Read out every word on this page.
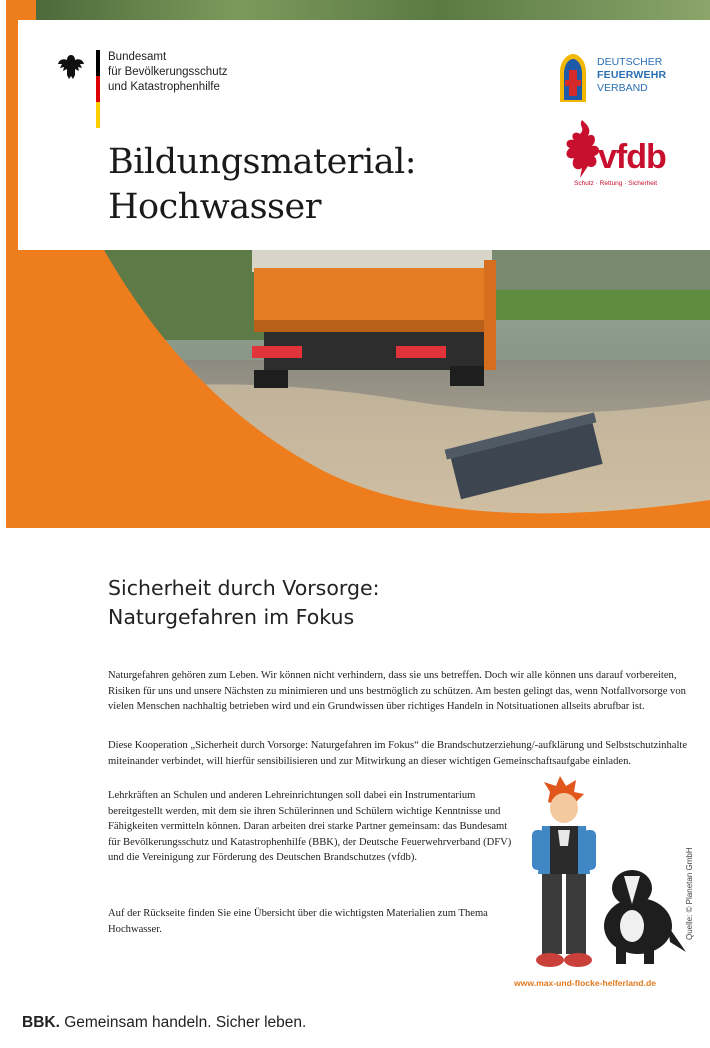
Bundesamt
für Bevölkerungsschutz
und Katastrophenhilfe
Bildungsmaterial:
Hochwasser
DEUTSCHER
FEUERWEHR
VERBAND
vfdb
Schutz · Rettung · Sicherheit
Sicherheit durch Vorsorge:
Naturgefahren im Fokus
Naturgefahren gehören zum Leben. Wir können nicht verhindern, dass sie uns betreffen. Doch wir alle können uns darauf vorbereiten, Risiken für uns und unsere Nächsten zu minimieren und uns bestmöglich zu schützen. Am besten gelingt das, wenn Notfallvorsorge von vielen Menschen nachhaltig betrieben wird und ein Grundwissen über richtiges Handeln in Notsituationen allseits abrufbar ist.
Diese Kooperation „Sicherheit durch Vorsorge: Naturgefahren im Fokus“ die Brandschutzerziehung/-aufklärung und Selbstschutzinhalte miteinander verbindet, will hierfür sensibilisieren und zur Mitwirkung an dieser wichtigen Gemeinschaftsaufgabe einladen.
Lehrkräften an Schulen und anderen Lehreinrichtungen soll dabei ein Instrumentarium bereitgestellt werden, mit dem sie ihren Schülerinnen und Schülern wichtige Kenntnisse und Fähigkeiten vermitteln können. Daran arbeiten drei starke Partner gemeinsam: das Bundesamt für Bevölkerungsschutz und Katastrophenhilfe (BBK), der Deutsche Feuerwehrverband (DFV) und die Vereinigung zur Förderung des Deutschen Brandschutzes (vfdb).
Auf der Rückseite finden Sie eine Übersicht über die wichtigsten Materialien zum Thema Hochwasser.	Quelle: © Planetan GmbH
www.max-und-flocke-helferland.de
BBK. Gemeinsam handeln. Sicher leben.
